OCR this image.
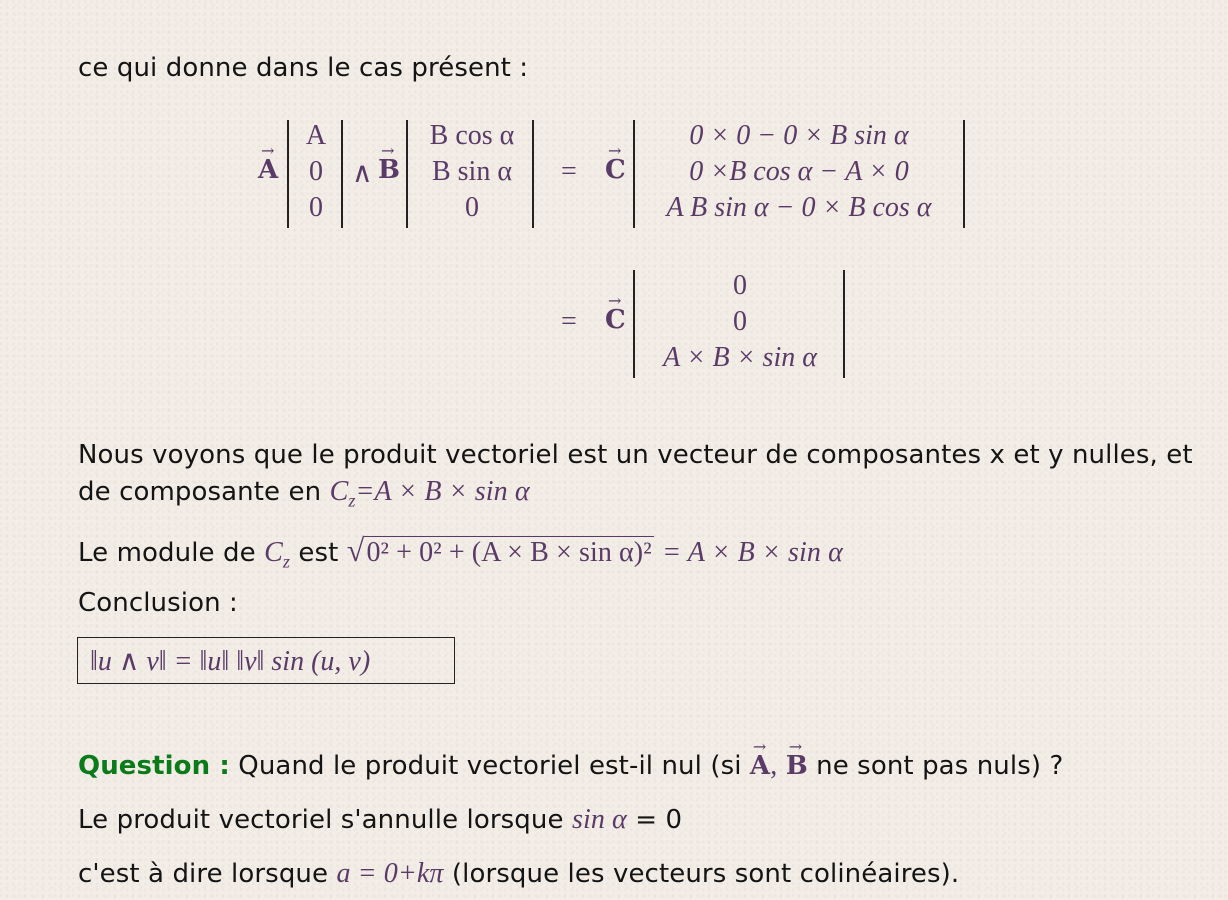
ce qui donne dans le cas présent :
→
A
A
0
0
∧
→
B
B cos α
B sin α
0
=
→
C
0 × 0 − 0 × B sin α
0 ×B cos α − A × 0
A B sin α − 0 × B cos α
=
→
C
0
0
A × B × sin α
Nous voyons que le produit vectoriel est un vecteur de composantes x et y nulles, et
de composante en $C_z=A \times B \times \sin \alpha$
Le module de $C_z$ est √0² + 0² + (A × B × sin α)² = A × B × sin α
Conclusion :
‖u ∧ v‖ = ‖u‖ ‖v‖ sin (u, v)
Question : Quand le produit vectoriel est-il nul (si
→
A,
→
B ne sont pas nuls) ?
Le produit vectoriel s'annulle lorsque sin α = 0
c'est à dire lorsque a = 0+kπ (lorsque les vecteurs sont colinéaires).
